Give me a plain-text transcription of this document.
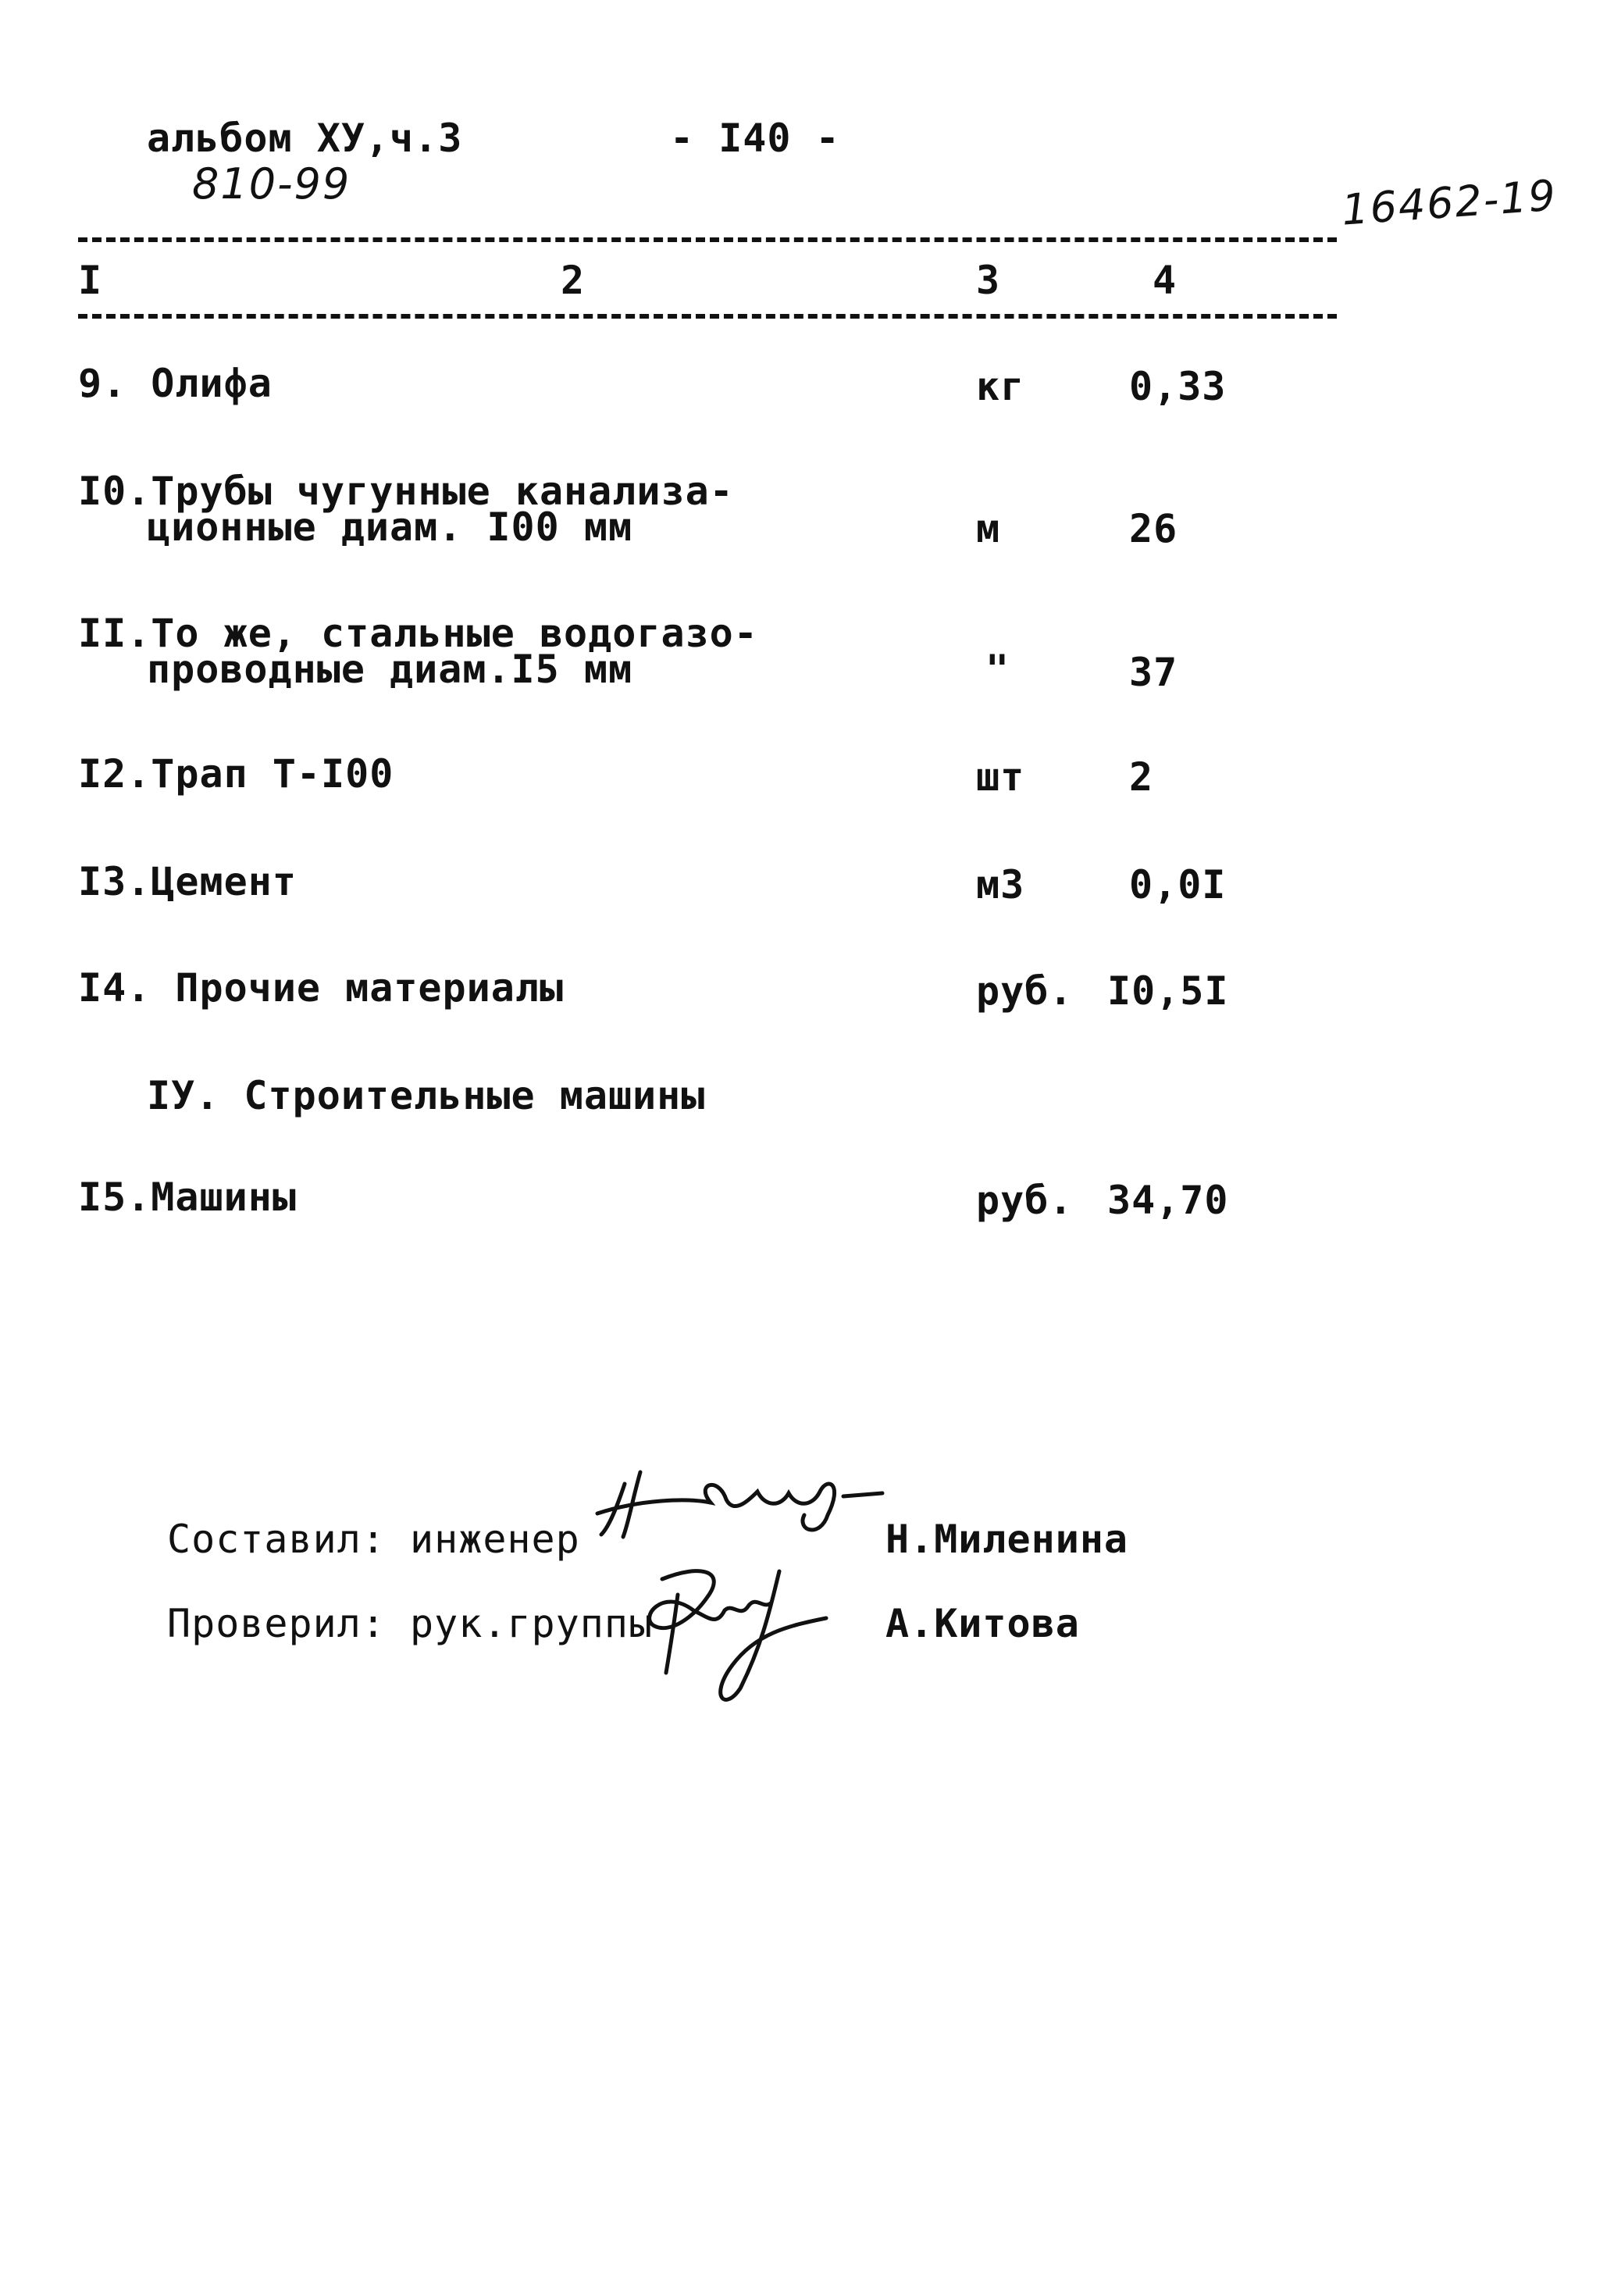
альбом ХУ,ч.3	- I40 -
810-99	16462-19
I	2	3	4
9. Олифа	кг	0,33
I0.Трубы чугунные канализа-
ционные диам. I00 мм	м	26
II.То же, стальные водогазо-
проводные диам.I5 мм	"	37
I2.Трап Т-I00	шт	2
I3.Цемент	м3	0,0I
I4. Прочие материалы	руб. I0,5I
IУ. Строительные машины
I5.Машины	руб. 34,70
Составил: инженер	Н.Миленина
Проверил: рук.группы	А.Китова
